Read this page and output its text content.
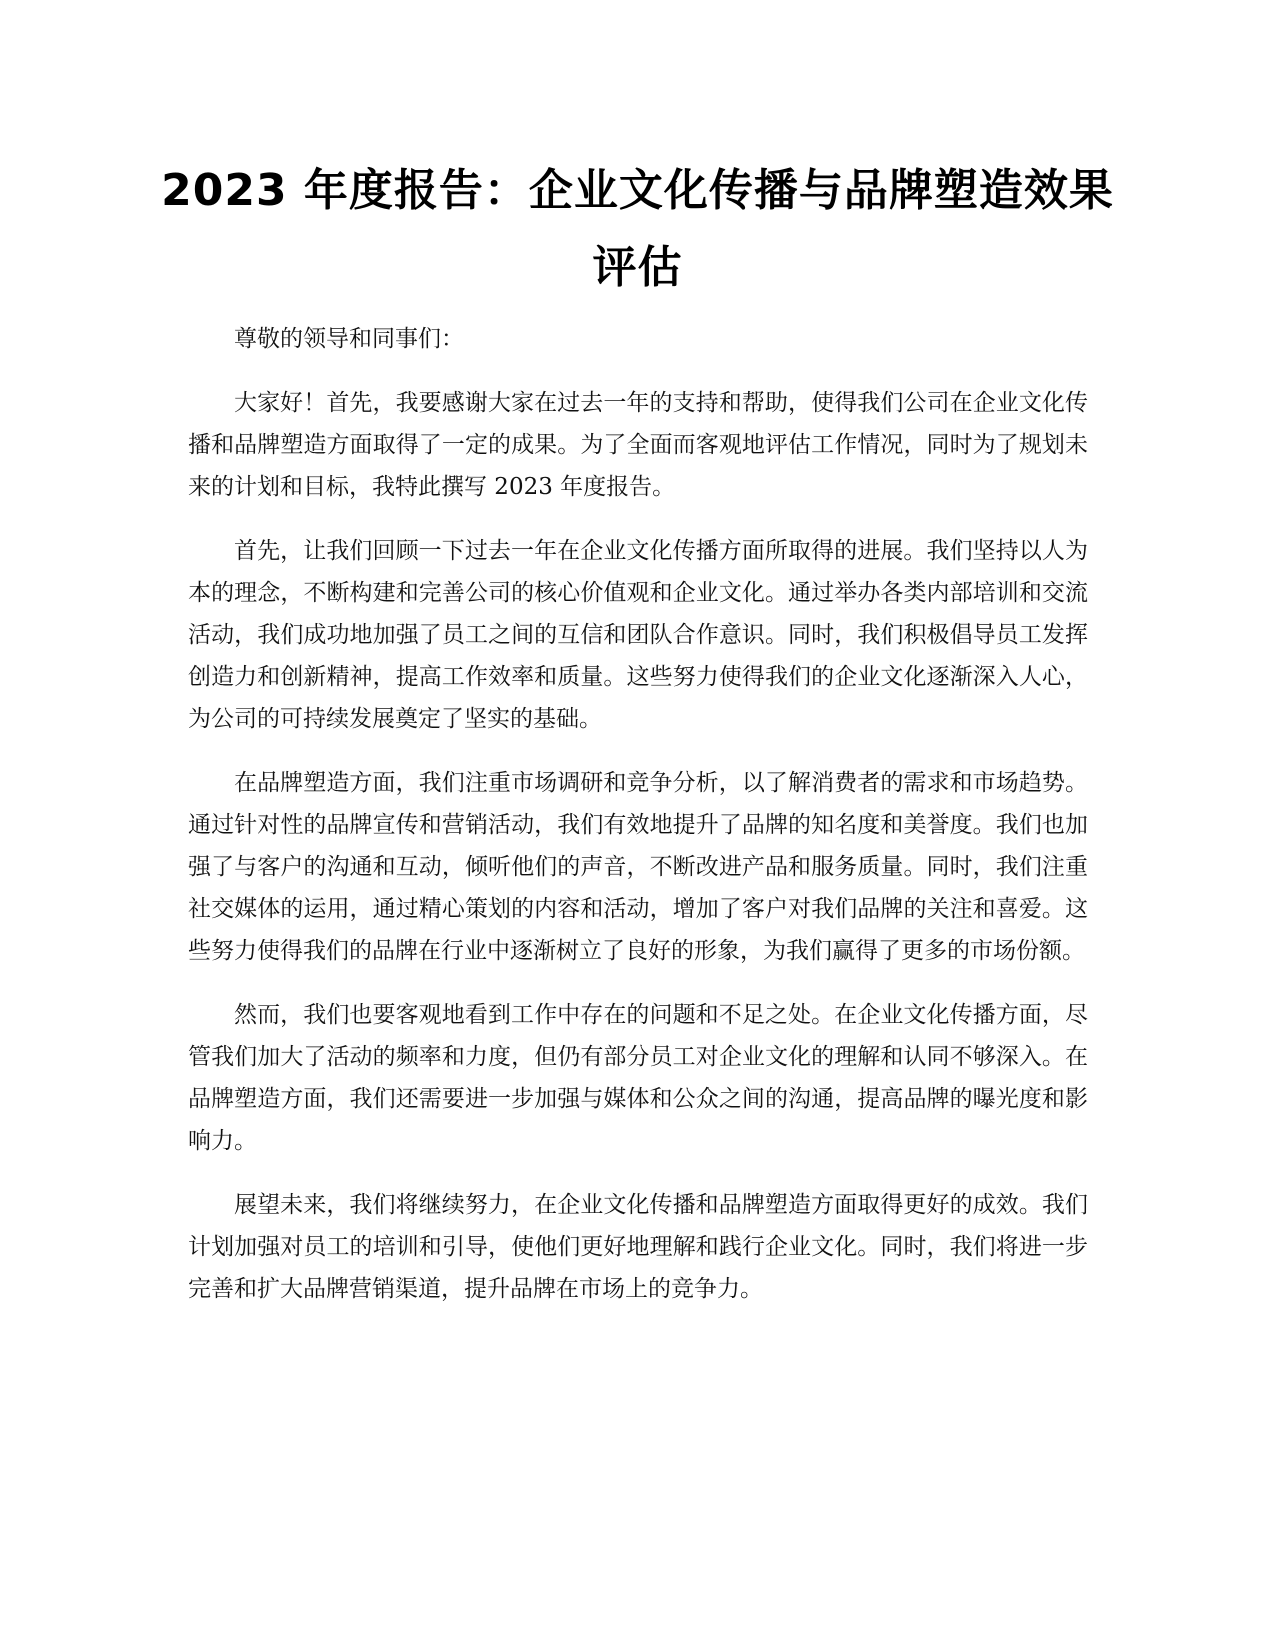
2023 年度报告：企业文化传播与品牌塑造效果评估

尊敬的领导和同事们：

大家好！首先，我要感谢大家在过去一年的支持和帮助，使得我们公司在企业文化传播和品牌塑造方面取得了一定的成果。为了全面而客观地评估工作情况，同时为了规划未来的计划和目标，我特此撰写 2023 年度报告。

首先，让我们回顾一下过去一年在企业文化传播方面所取得的进展。我们坚持以人为本的理念，不断构建和完善公司的核心价值观和企业文化。通过举办各类内部培训和交流活动，我们成功地加强了员工之间的互信和团队合作意识。同时，我们积极倡导员工发挥创造力和创新精神，提高工作效率和质量。这些努力使得我们的企业文化逐渐深入人心，为公司的可持续发展奠定了坚实的基础。

在品牌塑造方面，我们注重市场调研和竞争分析，以了解消费者的需求和市场趋势。通过针对性的品牌宣传和营销活动，我们有效地提升了品牌的知名度和美誉度。我们也加强了与客户的沟通和互动，倾听他们的声音，不断改进产品和服务质量。同时，我们注重社交媒体的运用，通过精心策划的内容和活动，增加了客户对我们品牌的关注和喜爱。这些努力使得我们的品牌在行业中逐渐树立了良好的形象，为我们赢得了更多的市场份额。

然而，我们也要客观地看到工作中存在的问题和不足之处。在企业文化传播方面，尽管我们加大了活动的频率和力度，但仍有部分员工对企业文化的理解和认同不够深入。在品牌塑造方面，我们还需要进一步加强与媒体和公众之间的沟通，提高品牌的曝光度和影响力。

展望未来，我们将继续努力，在企业文化传播和品牌塑造方面取得更好的成效。我们计划加强对员工的培训和引导，使他们更好地理解和践行企业文化。同时，我们将进一步完善和扩大品牌营销渠道，提升品牌在市场上的竞争力。
